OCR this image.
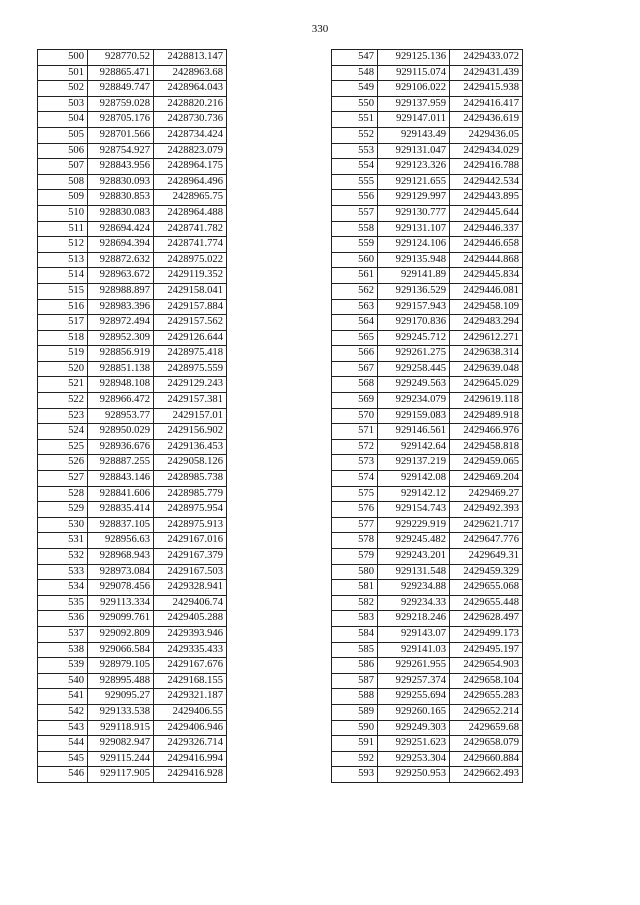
330
500	928770.52	2428813.147
501	928865.471	2428963.68
502	928849.747	2428964.043
503	928759.028	2428820.216
504	928705.176	2428730.736
505	928701.566	2428734.424
506	928754.927	2428823.079
507	928843.956	2428964.175
508	928830.093	2428964.496
509	928830.853	2428965.75
510	928830.083	2428964.488
511	928694.424	2428741.782
512	928694.394	2428741.774
513	928872.632	2428975.022
514	928963.672	2429119.352
515	928988.897	2429158.041
516	928983.396	2429157.884
517	928972.494	2429157.562
518	928952.309	2429126.644
519	928856.919	2428975.418
520	928851.138	2428975.559
521	928948.108	2429129.243
522	928966.472	2429157.381
523	928953.77	2429157.01
524	928950.029	2429156.902
525	928936.676	2429136.453
526	928887.255	2429058.126
527	928843.146	2428985.738
528	928841.606	2428985.779
529	928835.414	2428975.954
530	928837.105	2428975.913
531	928956.63	2429167.016
532	928968.943	2429167.379
533	928973.084	2429167.503
534	929078.456	2429328.941
535	929113.334	2429406.74
536	929099.761	2429405.288
537	929092.809	2429393.946
538	929066.584	2429335.433
539	928979.105	2429167.676
540	928995.488	2429168.155
541	929095.27	2429321.187
542	929133.538	2429406.55
543	929118.915	2429406.946
544	929082.947	2429326.714
545	929115.244	2429416.994
546	929117.905	2429416.928
547	929125.136	2429433.072
548	929115.074	2429431.439
549	929106.022	2429415.938
550	929137.959	2429416.417
551	929147.011	2429436.619
552	929143.49	2429436.05
553	929131.047	2429434.029
554	929123.326	2429416.788
555	929121.655	2429442.534
556	929129.997	2429443.895
557	929130.777	2429445.644
558	929131.107	2429446.337
559	929124.106	2429446.658
560	929135.948	2429444.868
561	929141.89	2429445.834
562	929136.529	2429446.081
563	929157.943	2429458.109
564	929170.836	2429483.294
565	929245.712	2429612.271
566	929261.275	2429638.314
567	929258.445	2429639.048
568	929249.563	2429645.029
569	929234.079	2429619.118
570	929159.083	2429489.918
571	929146.561	2429466.976
572	929142.64	2429458.818
573	929137.219	2429459.065
574	929142.08	2429469.204
575	929142.12	2429469.27
576	929154.743	2429492.393
577	929229.919	2429621.717
578	929245.482	2429647.776
579	929243.201	2429649.31
580	929131.548	2429459.329
581	929234.88	2429655.068
582	929234.33	2429655.448
583	929218.246	2429628.497
584	929143.07	2429499.173
585	929141.03	2429495.197
586	929261.955	2429654.903
587	929257.374	2429658.104
588	929255.694	2429655.283
589	929260.165	2429652.214
590	929249.303	2429659.68
591	929251.623	2429658.079
592	929253.304	2429660.884
593	929250.953	2429662.493
